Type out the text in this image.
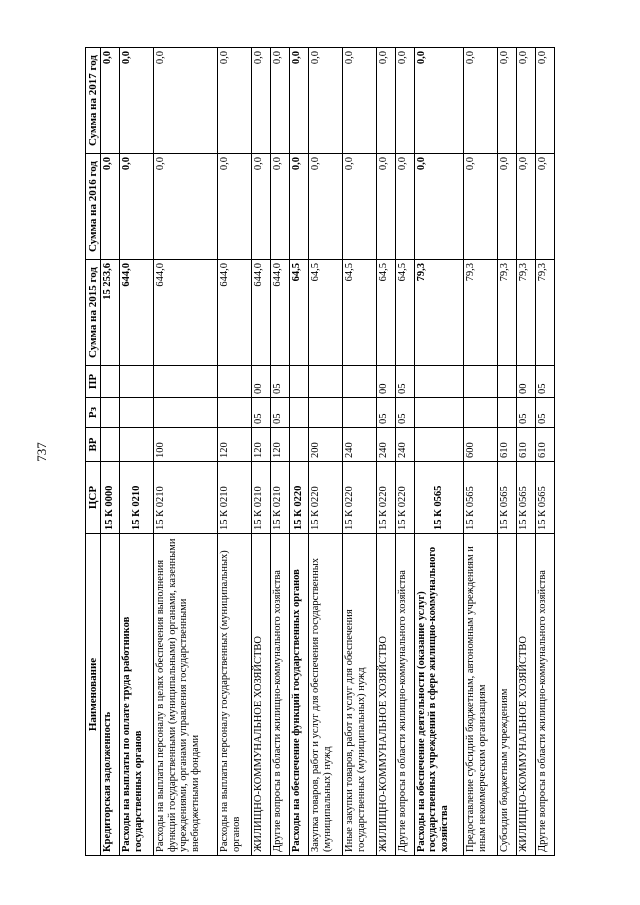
737
Наименование	ЦСР	ВР	Рз	ПР	Сумма на 2015 год	Сумма на 2016 год	Сумма на 2017 год
Кредиторская задолженность	15 К 0000				15 253,6	0,0	0,0
Расходы на выплаты по оплате труда работников государственных органов	15 К 0210				644,0	0,0	0,0
Расходы на выплаты персоналу в целях обеспечения выполнения функций государственными (муниципальными) органами, казенными учреждениями, органами управления государственными внебюджетными фондами	15 К 0210	100			644,0	0,0	0,0
Расходы на выплаты персоналу государственных (муниципальных) органов	15 К 0210	120			644,0	0,0	0,0
ЖИЛИЩНО-КОММУНАЛЬНОЕ ХОЗЯЙСТВО	15 К 0210	120	05	00	644,0	0,0	0,0
Другие вопросы в области жилищно-коммунального хозяйства	15 К 0210	120	05	05	644,0	0,0	0,0
Расходы на обеспечение функций государственных органов	15 К 0220				64,5	0,0	0,0
Закупка товаров, работ и услуг для обеспечения государственных (муниципальных) нужд	15 К 0220	200			64,5	0,0	0,0
Иные закупки товаров, работ и услуг для обеспечения государственных (муниципальных) нужд	15 К 0220	240			64,5	0,0	0,0
ЖИЛИЩНО-КОММУНАЛЬНОЕ ХОЗЯЙСТВО	15 К 0220	240	05	00	64,5	0,0	0,0
Другие вопросы в области жилищно-коммунального хозяйства	15 К 0220	240	05	05	64,5	0,0	0,0
Расходы на обеспечение деятельности (оказание услуг) государственных учреждений в сфере жилищно-коммунального хозяйства	15 К 0565				79,3	0,0	0,0
Предоставление субсидий бюджетным, автономным учреждениям и иным некоммерческим организациям	15 К 0565	600			79,3	0,0	0,0
Субсидии бюджетным учреждениям	15 К 0565	610			79,3	0,0	0,0
ЖИЛИЩНО-КОММУНАЛЬНОЕ ХОЗЯЙСТВО	15 К 0565	610	05	00	79,3	0,0	0,0
Другие вопросы в области жилищно-коммунального хозяйства	15 К 0565	610	05	05	79,3	0,0	0,0
